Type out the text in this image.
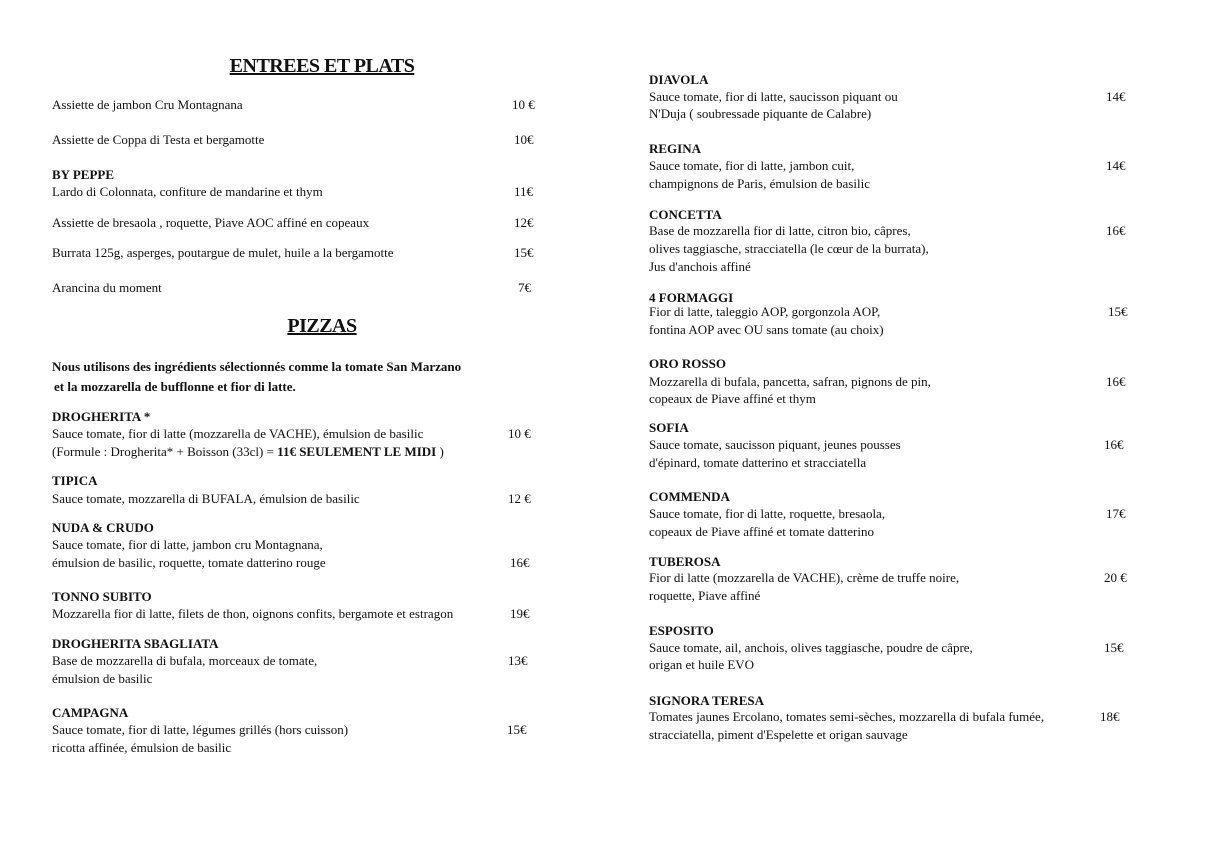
ENTREES ET PLATS
Assiette de jambon Cru Montagnana	10 €
Assiette de Coppa di Testa et bergamotte	10€
BY PEPPE
Lardo di Colonnata, confiture de mandarine et thym	11€
Assiette de bresaola , roquette, Piave AOC affiné en copeaux	12€
Burrata 125g, asperges, poutargue de mulet, huile a la bergamotte	15€
Arancina du moment	7€
PIZZAS
Nous utilisons des ingrédients sélectionnés comme la tomate San Marzano
et la mozzarella de bufflonne et fior di latte.
DROGHERITA *
Sauce tomate, fior di latte (mozzarella de VACHE), émulsion de basilic
(Formule : Drogherita* + Boisson (33cl) = 11€ SEULEMENT LE MIDI )
10 €
TIPICA
Sauce tomate, mozzarella di BUFALA, émulsion de basilic	12 €
NUDA & CRUDO
Sauce tomate, fior di latte, jambon cru Montagnana,
émulsion de basilic, roquette, tomate datterino rouge	16€
TONNO SUBITO
Mozzarella fior di latte, filets de thon, oignons confits, bergamote et estragon	19€
DROGHERITA SBAGLIATA
Base de mozzarella di bufala, morceaux de tomate,
émulsion de basilic
13€
CAMPAGNA
Sauce tomate, fior di latte, légumes grillés (hors cuisson)
ricotta affinée, émulsion de basilic
15€
DIAVOLA
Sauce tomate, fior di latte, saucisson piquant ou
N'Duja ( soubressade piquante de Calabre)
14€
REGINA
Sauce tomate, fior di latte, jambon cuit,
champignons de Paris, émulsion de basilic
14€
CONCETTA
Base de mozzarella fior di latte, citron bio, câpres,
olives taggiasche, stracciatella (le cœur de la burrata),
Jus d'anchois affiné
16€
4 FORMAGGI
Fior di latte, taleggio AOP, gorgonzola AOP,
fontina AOP avec OU sans tomate (au choix)
15€
ORO ROSSO
Mozzarella di bufala, pancetta, safran, pignons de pin,
copeaux de Piave affiné et thym
16€
SOFIA
Sauce tomate, saucisson piquant, jeunes pousses
d'épinard, tomate datterino et stracciatella
16€
COMMENDA
Sauce tomate, fior di latte, roquette, bresaola,
copeaux de Piave affiné et tomate datterino
17€
TUBEROSA
Fior di latte (mozzarella de VACHE), crème de truffe noire,
roquette, Piave affiné
20 €
ESPOSITO
Sauce tomate, ail, anchois, olives taggiasche, poudre de câpre,
origan et huile EVO
15€
SIGNORA TERESA
Tomates jaunes Ercolano, tomates semi-sèches, mozzarella di bufala fumée,
stracciatella, piment d'Espelette et origan sauvage
18€
